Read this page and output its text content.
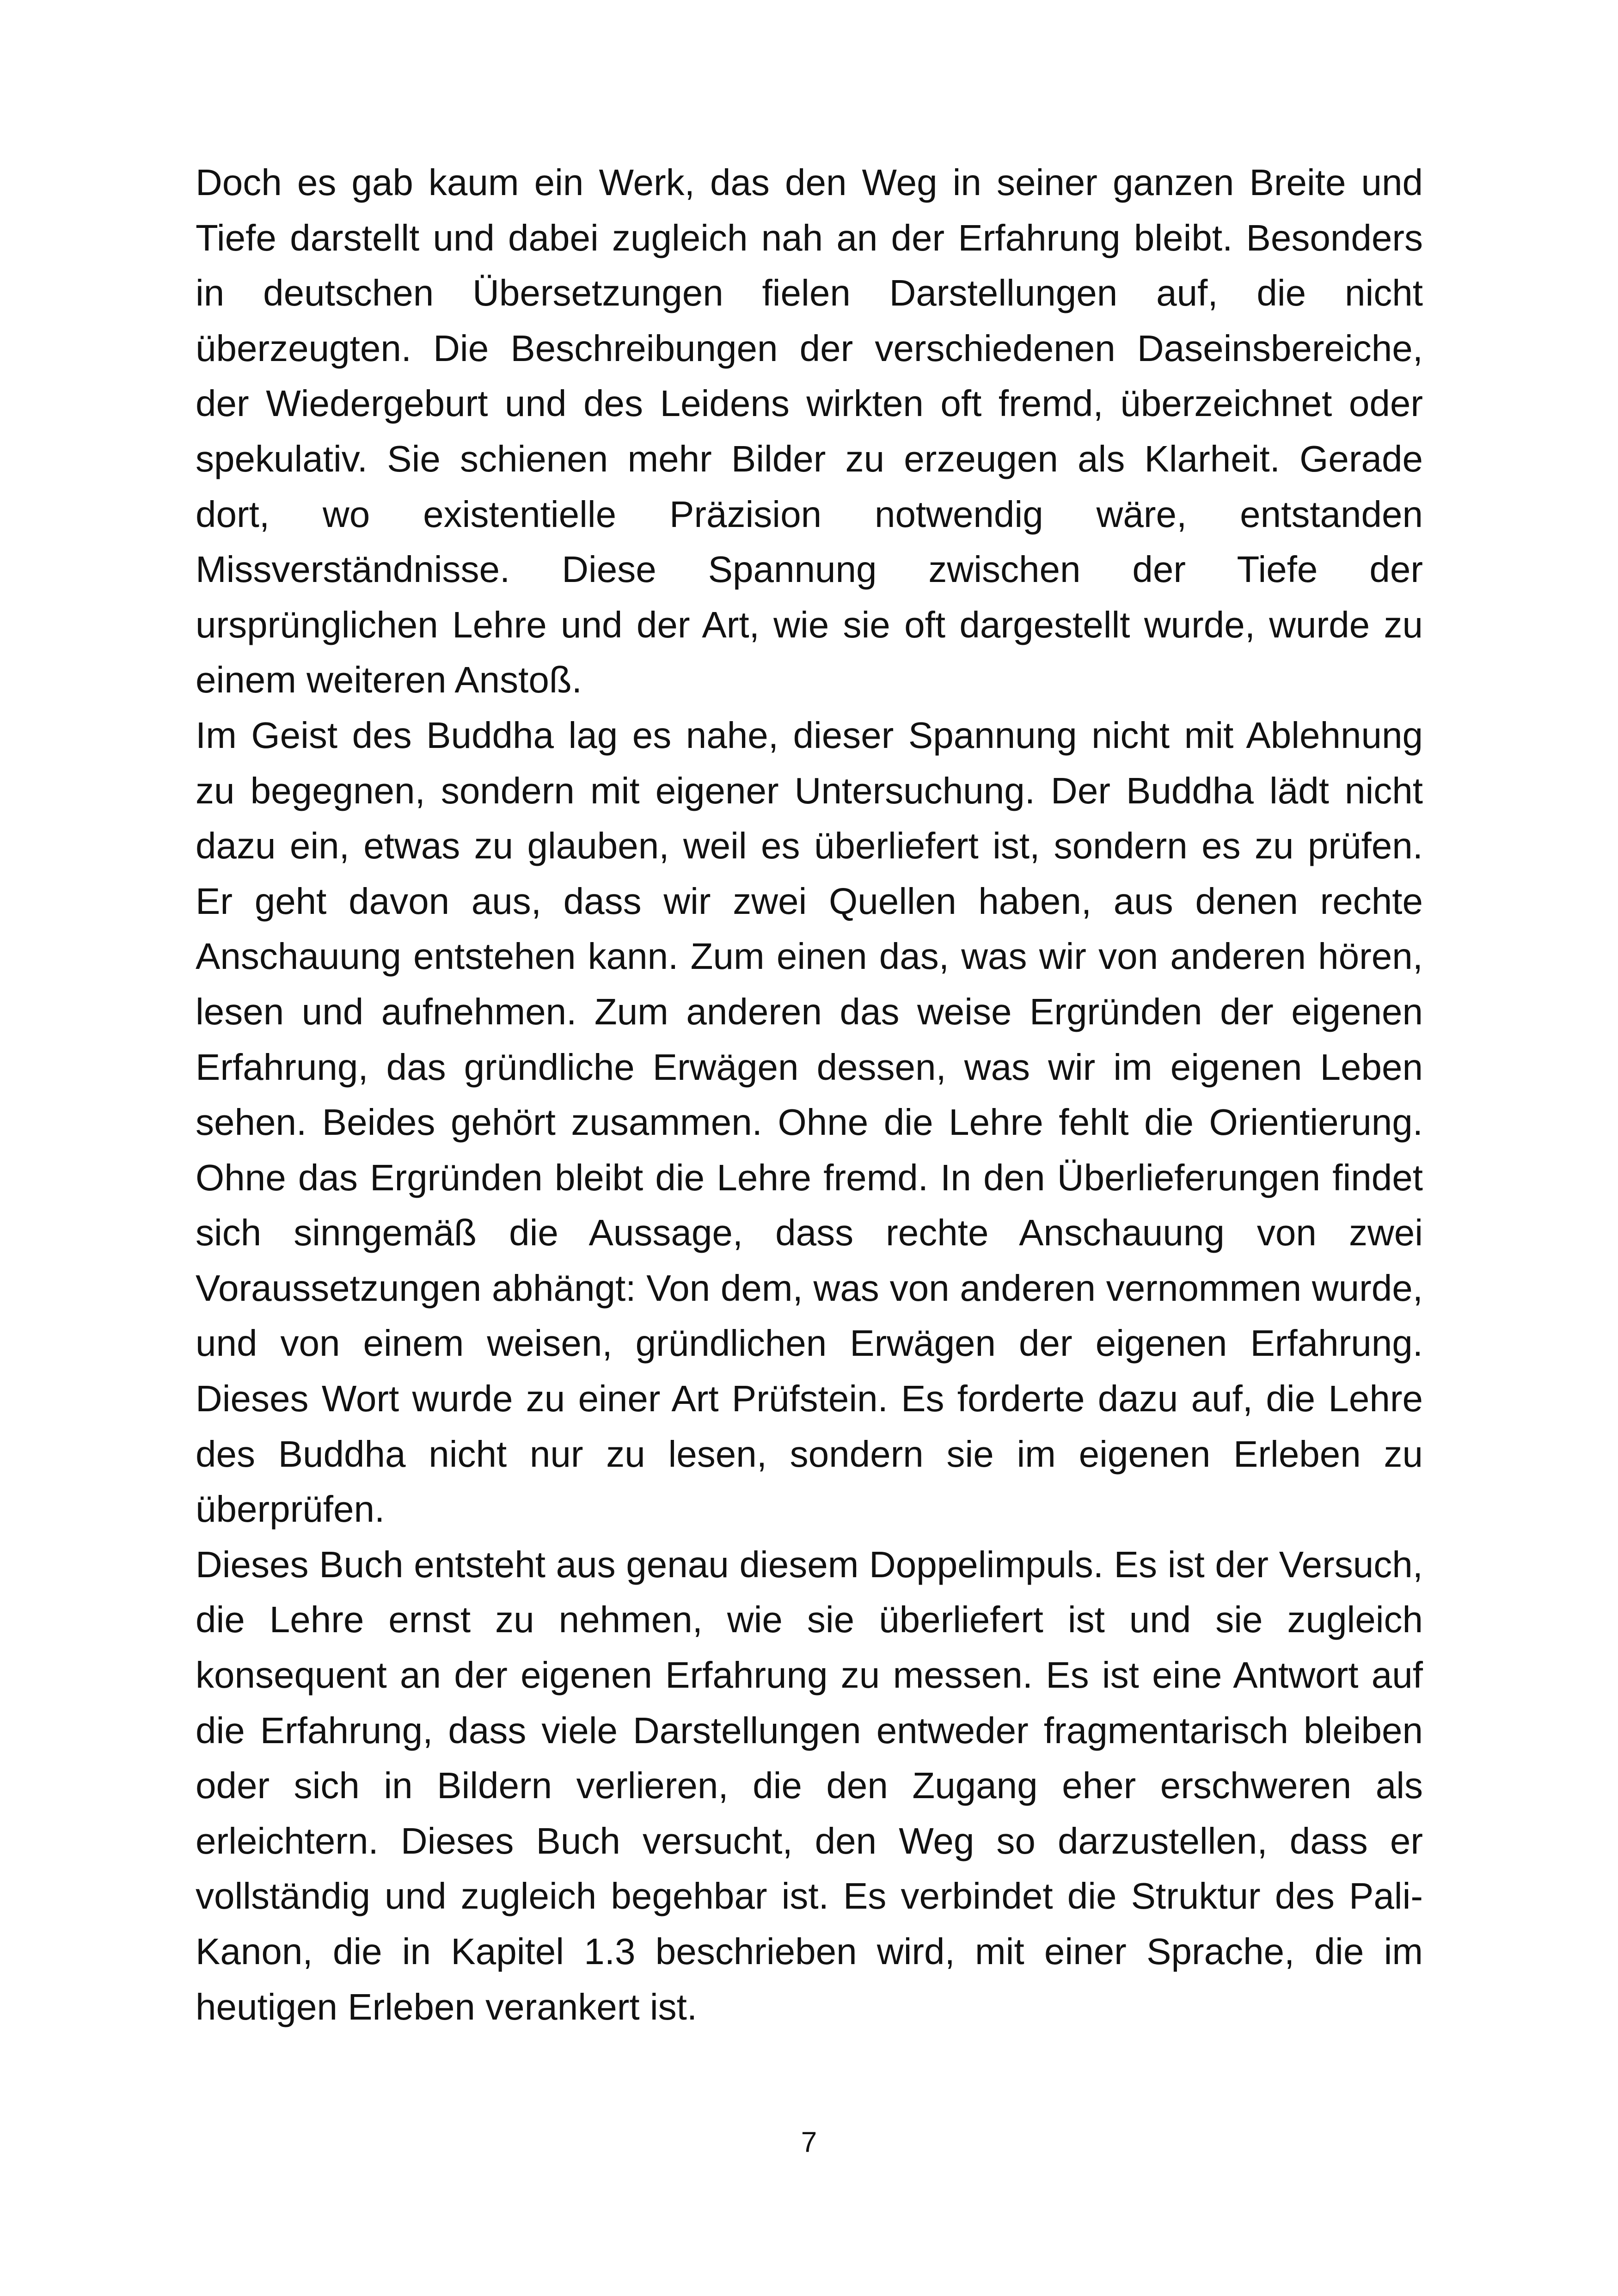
Doch es gab kaum ein Werk, das den Weg in seiner ganzen Breite und Tiefe darstellt und dabei zugleich nah an der Erfahrung bleibt. Besonders in deutschen Übersetzungen fielen Darstellungen auf, die nicht überzeugten. Die Beschreibungen der verschiedenen Daseinsbereiche, der Wiedergeburt und des Leidens wirkten oft fremd, überzeichnet oder spekulativ. Sie schienen mehr Bilder zu erzeugen als Klarheit. Gerade dort, wo existentielle Präzision notwendig wäre, entstanden Missverständnisse. Diese Spannung zwischen der Tiefe der ursprünglichen Lehre und der Art, wie sie oft dargestellt wurde, wurde zu einem weiteren Anstoß.

Im Geist des Buddha lag es nahe, dieser Spannung nicht mit Ablehnung zu begegnen, sondern mit eigener Untersuchung. Der Buddha lädt nicht dazu ein, etwas zu glauben, weil es überliefert ist, sondern es zu prüfen. Er geht davon aus, dass wir zwei Quellen haben, aus denen rechte Anschauung entstehen kann. Zum einen das, was wir von anderen hören, lesen und aufnehmen. Zum anderen das weise Ergründen der eigenen Erfahrung, das gründliche Erwägen dessen, was wir im eigenen Leben sehen. Beides gehört zusammen. Ohne die Lehre fehlt die Orientierung. Ohne das Ergründen bleibt die Lehre fremd. In den Überlieferungen findet sich sinngemäß die Aussage, dass rechte Anschauung von zwei Voraussetzungen abhängt: Von dem, was von anderen vernommen wurde, und von einem weisen, gründlichen Erwägen der eigenen Erfahrung. Dieses Wort wurde zu einer Art Prüfstein. Es forderte dazu auf, die Lehre des Buddha nicht nur zu lesen, sondern sie im eigenen Erleben zu überprüfen.

Dieses Buch entsteht aus genau diesem Doppelimpuls. Es ist der Versuch, die Lehre ernst zu nehmen, wie sie überliefert ist und sie zugleich konsequent an der eigenen Erfahrung zu messen. Es ist eine Antwort auf die Erfahrung, dass viele Darstellungen entweder fragmentarisch bleiben oder sich in Bildern verlieren, die den Zugang eher erschweren als erleichtern. Dieses Buch versucht, den Weg so darzustellen, dass er vollständig und zugleich begehbar ist. Es verbindet die Struktur des Pali-Kanon, die in Kapitel 1.3 beschrieben wird, mit einer Sprache, die im heutigen Erleben verankert ist.

7
